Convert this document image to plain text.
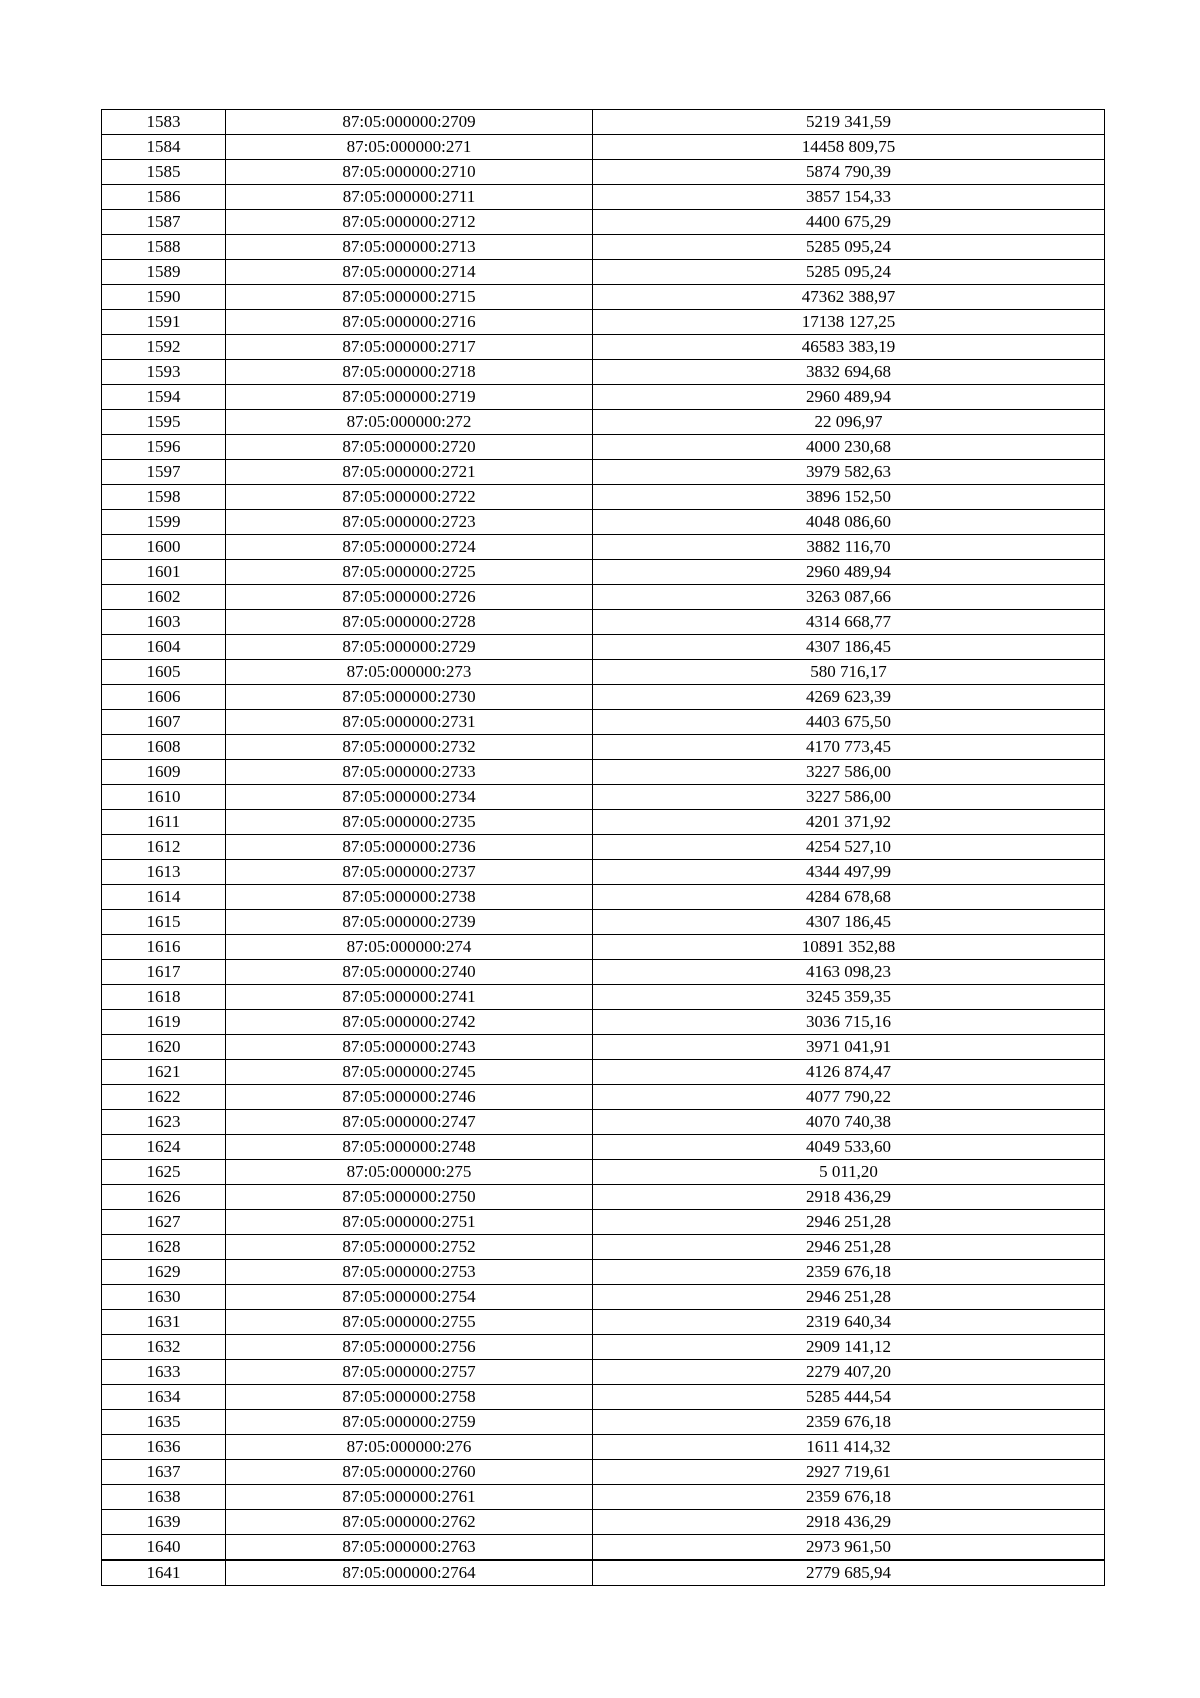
1583	87:05:000000:2709	5219 341,59
1584	87:05:000000:271	14458 809,75
1585	87:05:000000:2710	5874 790,39
1586	87:05:000000:2711	3857 154,33
1587	87:05:000000:2712	4400 675,29
1588	87:05:000000:2713	5285 095,24
1589	87:05:000000:2714	5285 095,24
1590	87:05:000000:2715	47362 388,97
1591	87:05:000000:2716	17138 127,25
1592	87:05:000000:2717	46583 383,19
1593	87:05:000000:2718	3832 694,68
1594	87:05:000000:2719	2960 489,94
1595	87:05:000000:272	22 096,97
1596	87:05:000000:2720	4000 230,68
1597	87:05:000000:2721	3979 582,63
1598	87:05:000000:2722	3896 152,50
1599	87:05:000000:2723	4048 086,60
1600	87:05:000000:2724	3882 116,70
1601	87:05:000000:2725	2960 489,94
1602	87:05:000000:2726	3263 087,66
1603	87:05:000000:2728	4314 668,77
1604	87:05:000000:2729	4307 186,45
1605	87:05:000000:273	580 716,17
1606	87:05:000000:2730	4269 623,39
1607	87:05:000000:2731	4403 675,50
1608	87:05:000000:2732	4170 773,45
1609	87:05:000000:2733	3227 586,00
1610	87:05:000000:2734	3227 586,00
1611	87:05:000000:2735	4201 371,92
1612	87:05:000000:2736	4254 527,10
1613	87:05:000000:2737	4344 497,99
1614	87:05:000000:2738	4284 678,68
1615	87:05:000000:2739	4307 186,45
1616	87:05:000000:274	10891 352,88
1617	87:05:000000:2740	4163 098,23
1618	87:05:000000:2741	3245 359,35
1619	87:05:000000:2742	3036 715,16
1620	87:05:000000:2743	3971 041,91
1621	87:05:000000:2745	4126 874,47
1622	87:05:000000:2746	4077 790,22
1623	87:05:000000:2747	4070 740,38
1624	87:05:000000:2748	4049 533,60
1625	87:05:000000:275	5 011,20
1626	87:05:000000:2750	2918 436,29
1627	87:05:000000:2751	2946 251,28
1628	87:05:000000:2752	2946 251,28
1629	87:05:000000:2753	2359 676,18
1630	87:05:000000:2754	2946 251,28
1631	87:05:000000:2755	2319 640,34
1632	87:05:000000:2756	2909 141,12
1633	87:05:000000:2757	2279 407,20
1634	87:05:000000:2758	5285 444,54
1635	87:05:000000:2759	2359 676,18
1636	87:05:000000:276	1611 414,32
1637	87:05:000000:2760	2927 719,61
1638	87:05:000000:2761	2359 676,18
1639	87:05:000000:2762	2918 436,29
1640	87:05:000000:2763	2973 961,50
1641	87:05:000000:2764	2779 685,94
